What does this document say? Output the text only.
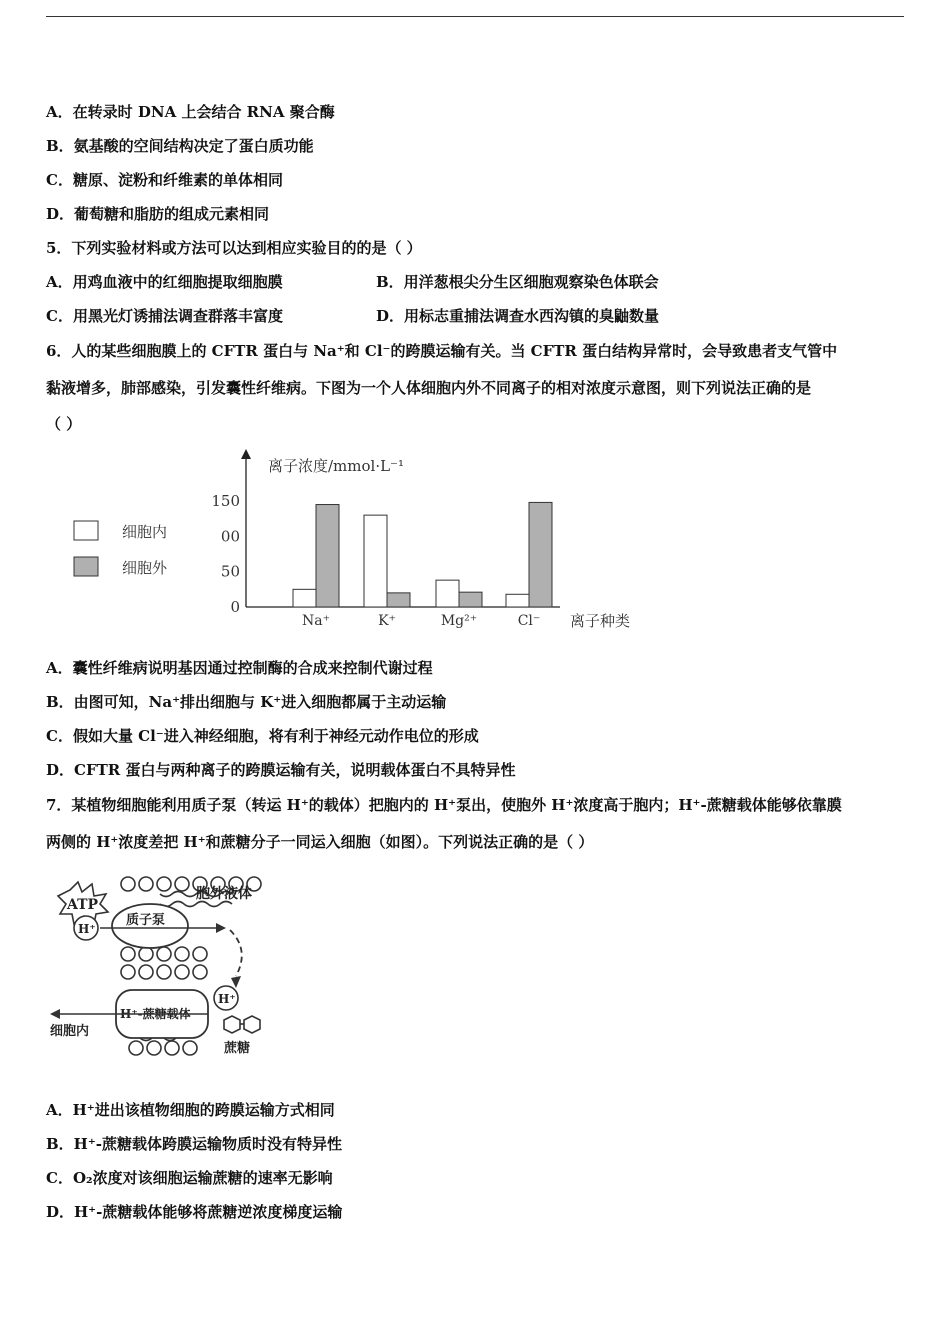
A．在转录时 DNA 上会结合 RNA 聚合酶
B．氨基酸的空间结构决定了蛋白质功能
C．糖原、淀粉和纤维素的单体相同
D．葡萄糖和脂肪的组成元素相同
5．下列实验材料或方法可以达到相应实验目的的是（ ）
A．用鸡血液中的红细胞提取细胞膜	B．用洋葱根尖分生区细胞观察染色体联会
C．用黑光灯诱捕法调查群落丰富度	D．用标志重捕法调查水西沟镇的臭鼬数量
6．人的某些细胞膜上的 CFTR 蛋白与 Na⁺和 Cl⁻的跨膜运输有关。当 CFTR 蛋白结构异常时，会导致患者支气管中
黏液增多，肺部感染，引发囊性纤维病。下图为一个人体细胞内外不同离子的相对浓度示意图，则下列说法正确的是
（ ）
离子浓度/mmol·L⁻¹
离子种类
150
00
50
0
Na⁺	K⁺	Mg²⁺	Cl⁻
细胞内
细胞外
A．囊性纤维病说明基因通过控制酶的合成来控制代谢过程
B．由图可知，Na⁺排出细胞与 K⁺进入细胞都属于主动运输
C．假如大量 Cl⁻进入神经细胞，将有利于神经元动作电位的形成
D．CFTR 蛋白与两种离子的跨膜运输有关，说明载体蛋白不具特异性
7．某植物细胞能利用质子泵（转运 H⁺的载体）把胞内的 H⁺泵出，使胞外 H⁺浓度高于胞内；H⁺-蔗糖载体能够依靠膜
两侧的 H⁺浓度差把 H⁺和蔗糖分子一同运入细胞（如图）。下列说法正确的是（ ）
ATP
质子泵
胞外液体
H⁺
H⁺
H⁺-蔗糖载体
细胞内
蔗糖
A．H⁺进出该植物细胞的跨膜运输方式相同
B．H⁺-蔗糖载体跨膜运输物质时没有特异性
C．O₂浓度对该细胞运输蔗糖的速率无影响
D．H⁺-蔗糖载体能够将蔗糖逆浓度梯度运输
